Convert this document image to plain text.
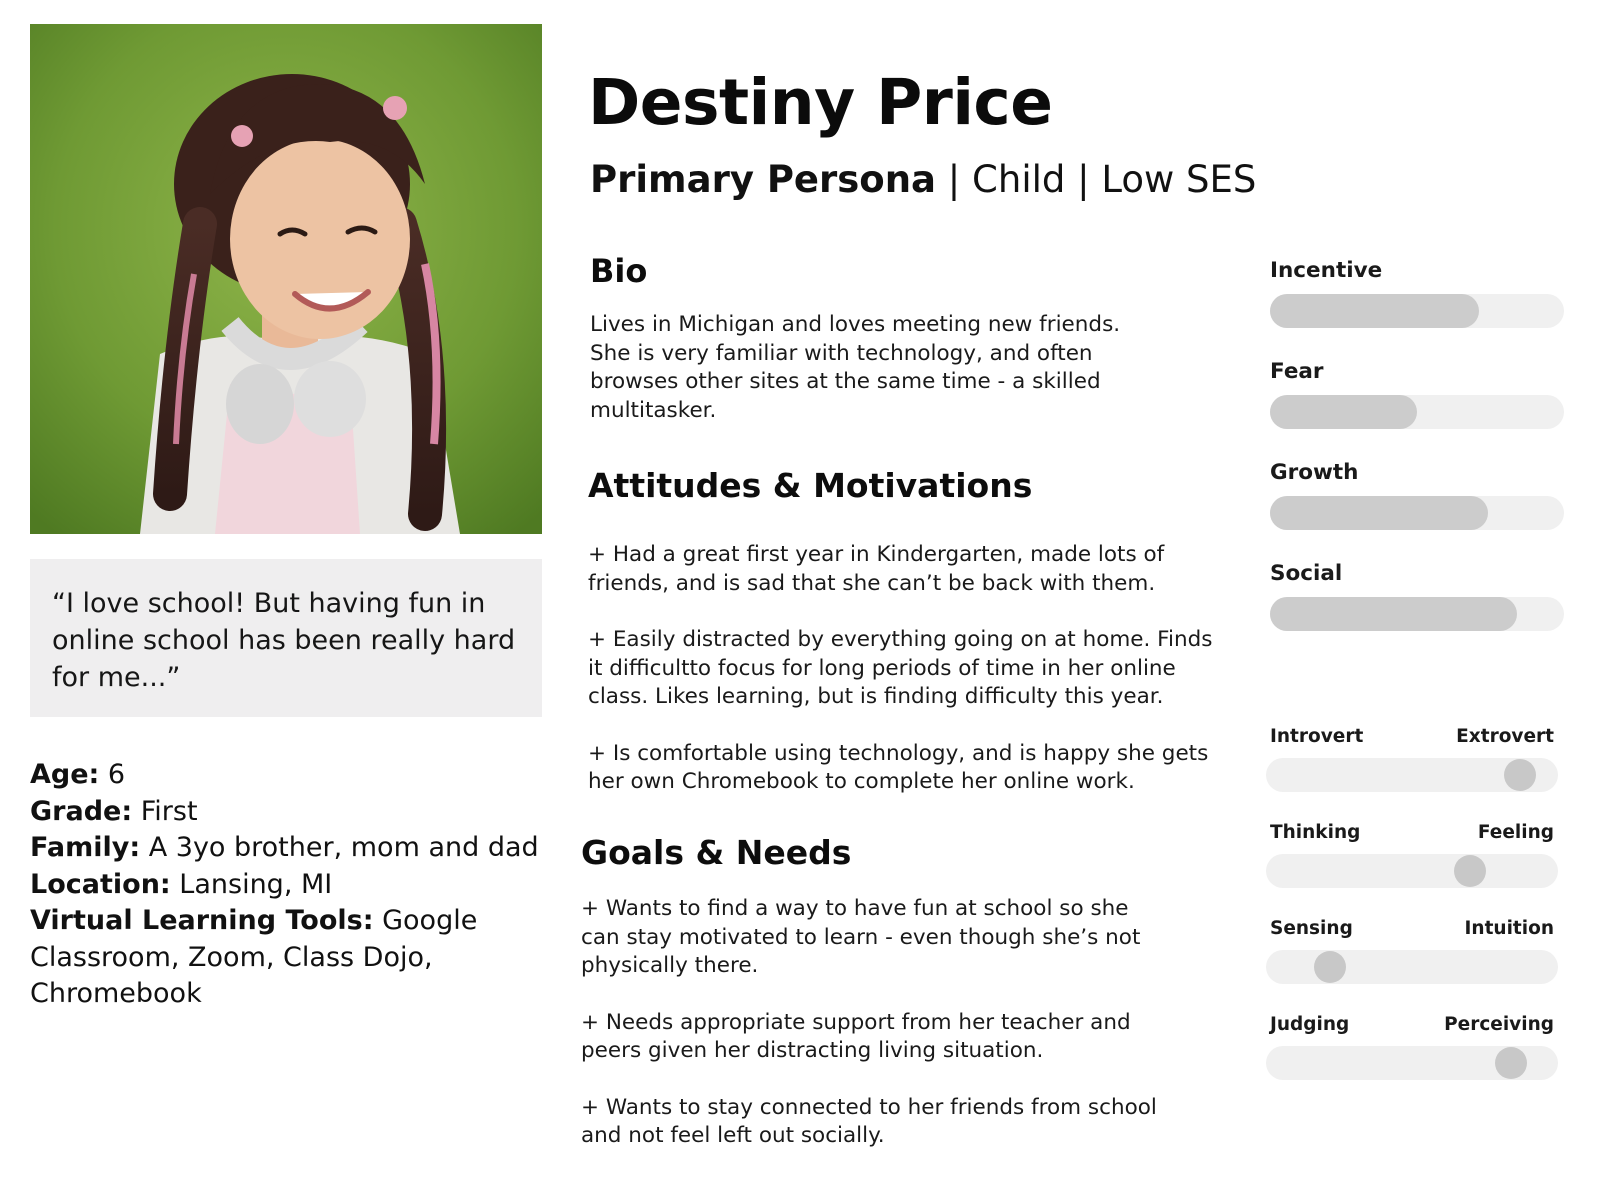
“I love school! But having fun in online school has been really hard for me...”

Age: 6
Grade: First
Family: A 3yo brother, mom and dad
Location: Lansing, MI
Virtual Learning Tools: Google Classroom, Zoom, Class Dojo, Chromebook
Destiny Price
Primary Persona | Child | Low SES
Bio
Lives in Michigan and loves meeting new friends. She is very familiar with technology, and often browses other sites at the same time - a skilled multitasker.
Attitudes & Motivations
+ Had a great first year in Kindergarten, made lots of friends, and is sad that she can’t be back with them.
+ Easily distracted by everything going on at home. Finds it difficultto focus for long periods of time in her online class. Likes learning, but is finding difficulty this year.
+ Is comfortable using technology, and is happy she gets her own Chromebook to complete her online work.
Goals & Needs
+ Wants to find a way to have fun at school so she can stay motivated to learn - even though she’s not physically there.
+ Needs appropriate support from her teacher and peers given her distracting living situation.
+ Wants to stay connected to her friends from school and not feel left out socially.
Incentive
Fear
Growth
Social
Introvert	Extrovert
Thinking	Feeling
Sensing	Intuition
Judging	Perceiving
